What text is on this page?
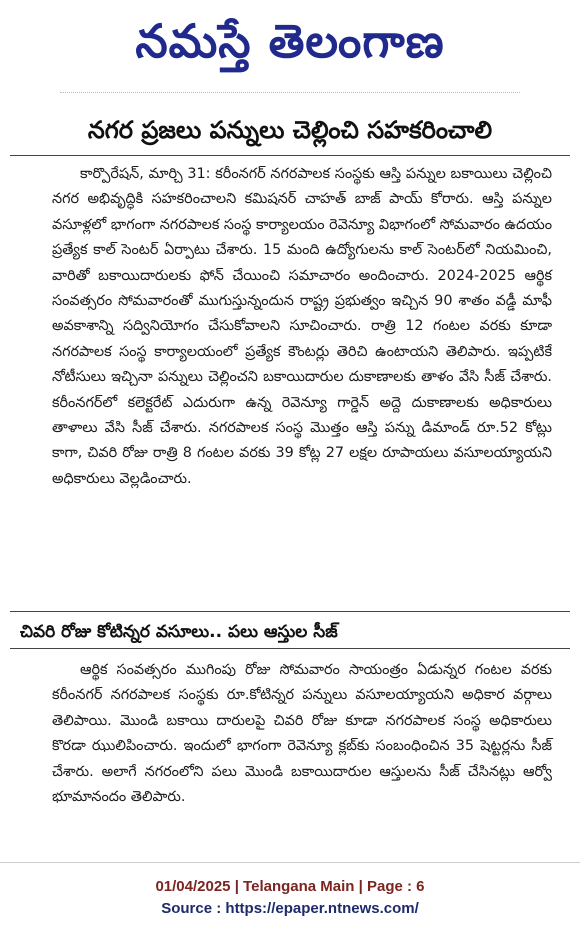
నమస్తే తెలంగాణ
నగర ప్రజలు పన్నులు చెల్లించి సహకరించాలి

కార్పొరేషన్, మార్చి 31: కరీంనగర్ నగరపాలక సంస్థకు ఆస్తి పన్నుల బకాయిలు చెల్లించి నగర అభివృద్ధికి సహకరించాలని కమిషనర్ చాహత్ బాజ్ పాయ్ కోరారు. ఆస్తి పన్నుల వసూళ్లలో భాగంగా నగరపాలక సంస్థ కార్యాలయం రెవెన్యూ విభాగంలో సోమవారం ఉదయం ప్రత్యేక కాల్ సెంటర్ ఏర్పాటు చేశారు. 15 మంది ఉద్యోగులను కాల్ సెంటర్‌లో నియమించి, వారితో బకాయిదారులకు ఫోన్ చేయించి సమాచారం అందించారు. 2024-2025 ఆర్థిక సంవత్సరం సోమవారంతో ముగుస్తున్నందున రాష్ట్ర ప్రభుత్వం ఇచ్చిన 90 శాతం వడ్డీ మాఫీ అవకాశాన్ని సద్వినియోగం చేసుకోవాలని సూచించారు. రాత్రి 12 గంటల వరకు కూడా నగరపాలక సంస్థ కార్యాలయంలో ప్రత్యేక కౌంటర్లు తెరిచి ఉంటాయని తెలిపారు. ఇప్పటికే నోటీసులు ఇచ్చినా పన్నులు చెల్లించని బకాయిదారుల దుకాణాలకు తాళం వేసి సీజ్ చేశారు. కరీంనగర్‌లో కలెక్టరేట్ ఎదురుగా ఉన్న రెవెన్యూ గార్డెన్ అద్దె దుకాణాలకు అధికారులు తాళాలు వేసి సీజ్ చేశారు. నగరపాలక సంస్థ మొత్తం ఆస్తి పన్ను డిమాండ్ రూ.52 కోట్లు కాగా, చివరి రోజు రాత్రి 8 గంటల వరకు 39 కోట్ల 27 లక్షల రూపాయలు వసూలయ్యాయని అధికారులు వెల్లడించారు.

చివరి రోజు కోటిన్నర వసూలు.. పలు ఆస్తుల సీజ్

ఆర్థిక సంవత్సరం ముగింపు రోజు సోమవారం సాయంత్రం ఏడున్నర గంటల వరకు కరీంనగర్ నగరపాలక సంస్థకు రూ.కోటిన్నర పన్నులు వసూలయ్యాయని అధికార వర్గాలు తెలిపాయి. మొండి బకాయి దారులపై చివరి రోజు కూడా నగరపాలక సంస్థ అధికారులు కొరడా ఝులిపించారు. ఇందులో భాగంగా రెవెన్యూ క్లబ్‌కు సంబంధించిన 35 షెట్టర్లను సీజ్ చేశారు. అలాగే నగరంలోని పలు మొండి బకాయిదారుల ఆస్తులను సీజ్ చేసినట్లు ఆర్వో భూమానందం తెలిపారు.

01/04/2025 | Telangana Main | Page : 6
Source : https://epaper.ntnews.com/
